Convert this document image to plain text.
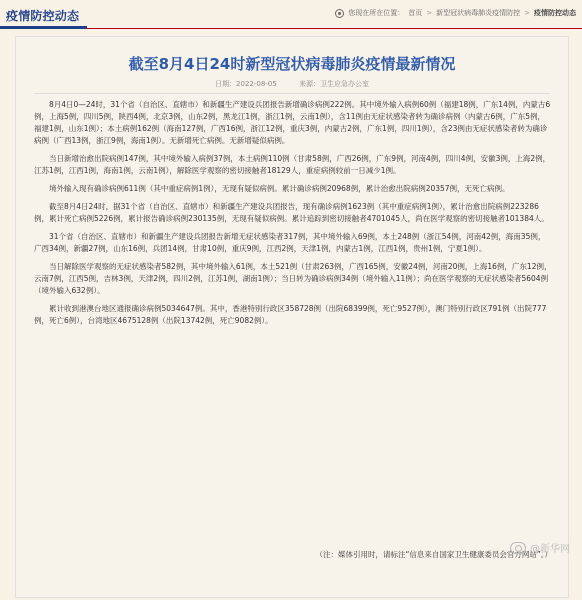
疫情防控动态	您现在所在位置： 首页 > 新型冠状病毒肺炎疫情防控 > 疫情防控动态
截至8月4日24时新型冠状病毒肺炎疫情最新情况
日期：2022-08-05	来源：卫生应急办公室

8月4日0—24时，31个省（自治区、直辖市）和新疆生产建设兵团报告新增确诊病例222例。其中境外输入病例60例（福建18例，广东14例，内蒙古6例，上海5例，四川5例，陕西4例，北京3例，山东2例，黑龙江1例，浙江1例，云南1例），含11例由无症状感染者转为确诊病例（内蒙古6例，广东5例，福建1例，山东1例）；本土病例162例（海南127例，广西16例，浙江12例，重庆3例，内蒙古2例，广东1例，四川1例），含23例由无症状感染者转为确诊病例（广西13例，浙江9例，海南1例）。无新增死亡病例。无新增疑似病例。

当日新增治愈出院病例147例，其中境外输入病例37例，本土病例110例（甘肃58例，广西26例，广东9例，河南4例，四川4例，安徽3例，上海2例，江苏1例，江西1例，海南1例，云南1例），解除医学观察的密切接触者18129人，重症病例较前一日减少1例。

境外输入现有确诊病例611例（其中重症病例1例），无现有疑似病例。累计确诊病例20968例，累计治愈出院病例20357例，无死亡病例。

截至8月4日24时，据31个省（自治区、直辖市）和新疆生产建设兵团报告，现有确诊病例1623例（其中重症病例1例），累计治愈出院病例223286例，累计死亡病例5226例，累计报告确诊病例230135例，无现有疑似病例。累计追踪到密切接触者4701045人，尚在医学观察的密切接触者101384人。

31个省（自治区、直辖市）和新疆生产建设兵团报告新增无症状感染者317例，其中境外输入69例，本土248例（浙江54例，河南42例，海南35例，广西34例，新疆27例，山东16例，兵团14例，甘肃10例，重庆9例，江西2例，天津1例，内蒙古1例，江西1例，贵州1例，宁夏1例）。

当日解除医学观察的无症状感染者582例，其中境外输入61例，本土521例（甘肃263例，广西165例，安徽24例，河南20例，上海16例，广东12例，云南7例，江西5例，吉林3例，天津2例，四川2例，江苏1例，湖南1例）；当日转为确诊病例34例（境外输入11例）；尚在医学观察的无症状感染者5604例（境外输入632例）。

累计收到港澳台地区通报确诊病例5034647例。其中，香港特别行政区358728例（出院68399例，死亡9527例），澳门特别行政区791例（出院777例，死亡6例），台湾地区4675128例（出院13742例，死亡9082例）。

（注：媒体引用时，请标注“信息来自国家卫生健康委员会官方网站”。）
@新华网
